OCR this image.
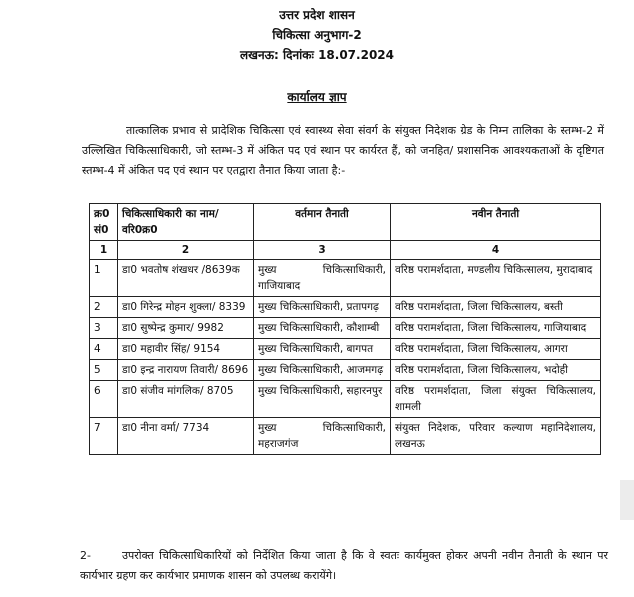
उत्तर प्रदेश शासन
चिकित्सा अनुभाग-2
लखनऊ: दिनांकः 18.07.2024
कार्यालय ज्ञाप
तात्कालिक प्रभाव से प्रादेशिक चिकित्सा एवं स्वास्थ्य सेवा संवर्ग के संयुक्त निदेशक ग्रेड के निम्न तालिका के स्तम्भ-2 में उल्लिखित चिकित्साधिकारी, जो स्तम्भ-3 में अंकित पद एवं स्थान पर कार्यरत हैं, को जनहित/ प्रशासनिक आवश्यकताओं के दृष्टिगत स्तम्भ-4 में अंकित पद एवं स्थान पर एतद्वारा तैनात किया जाता है:-
क्र0 सं0	चिकित्साधिकारी का नाम/ वरि0क्र0	वर्तमान तैनाती	नवीन तैनाती
1	2	3	4
1	डा0 भवतोष शंखधर /8639क	मुख्य चिकित्साधिकारी, गाजियाबाद	वरिष्ठ परामर्शदाता, मण्डलीय चिकित्सालय, मुरादाबाद
2	डा0 गिरेन्द्र मोहन शुक्ला/ 8339	मुख्य चिकित्साधिकारी, प्रतापगढ़	वरिष्ठ परामर्शदाता, जिला चिकित्सालय, बस्ती
3	डा0 सुष्पेन्द्र कुमार/ 9982	मुख्य चिकित्साधिकारी, कौशाम्बी	वरिष्ठ परामर्शदाता, जिला चिकित्सालय, गाजियाबाद
4	डा0 महावीर सिंह/ 9154	मुख्य चिकित्साधिकारी, बागपत	वरिष्ठ परामर्शदाता, जिला चिकित्सालय, आगरा
5	डा0 इन्द्र नारायण तिवारी/ 8696	मुख्य चिकित्साधिकारी, आजमगढ़	वरिष्ठ परामर्शदाता, जिला चिकित्सालय, भदोही
6	डा0 संजीव मांगलिक/ 8705	मुख्य चिकित्साधिकारी, सहारनपुर	वरिष्ठ परामर्शदाता, जिला संयुक्त चिकित्सालय, शामली
7	डा0 नीना वर्मा/ 7734	मुख्य चिकित्साधिकारी, महराजगंज	संयुक्त निदेशक, परिवार कल्याण महानिदेशालय, लखनऊ
2-	उपरोक्त चिकित्साधिकारियों को निर्देशित किया जाता है कि वे स्वतः कार्यमुक्त होकर अपनी नवीन तैनाती के स्थान पर कार्यभार ग्रहण कर कार्यभार प्रमाणक शासन को उपलब्ध करायेंगे।
